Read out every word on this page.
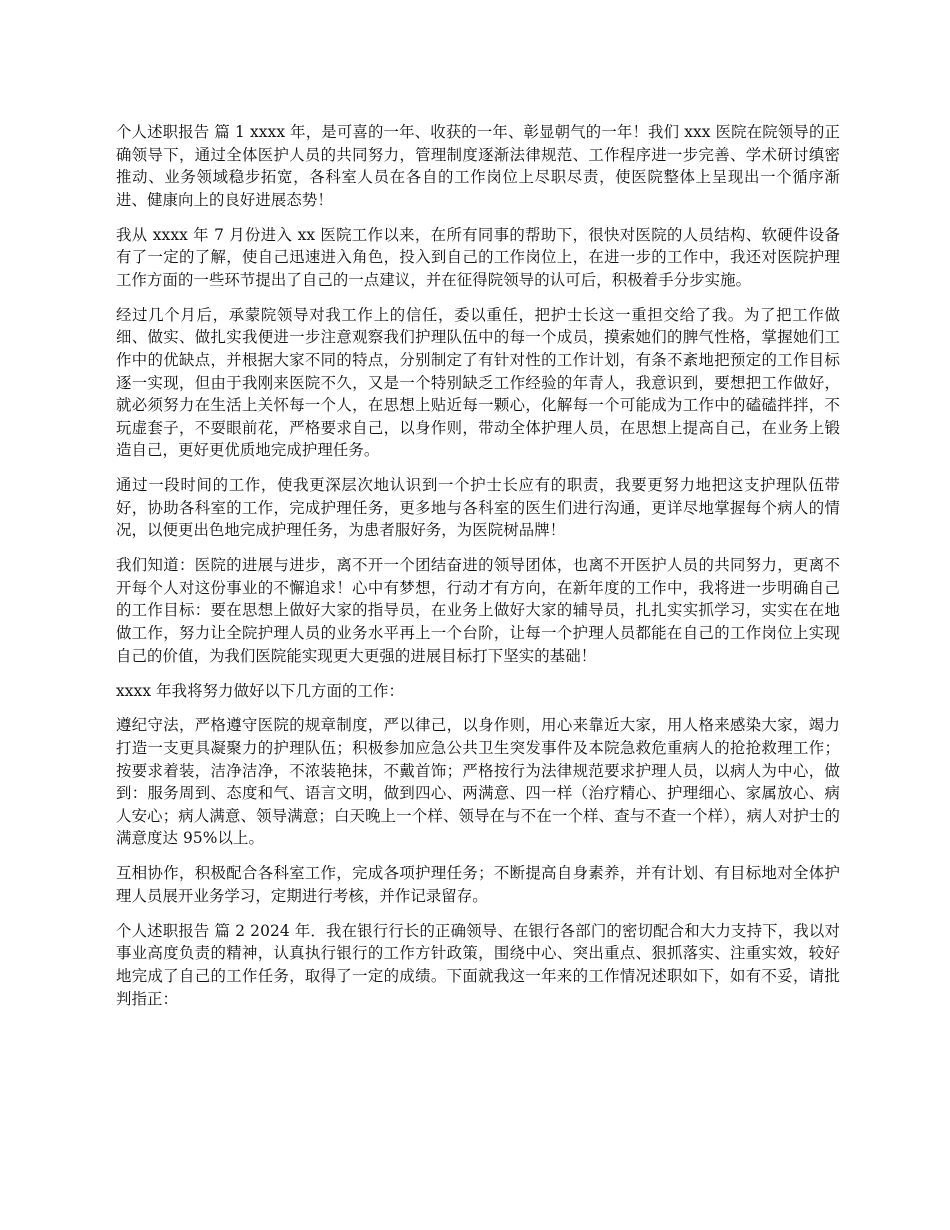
个人述职报告 篇 1 xxxx 年，是可喜的一年、收获的一年、彰显朝气的一年！我们 xxx 医院在院领导的正确领导下，通过全体医护人员的共同努力，管理制度逐渐法律规范、工作程序进一步完善、学术研讨缜密推动、业务领域稳步拓宽，各科室人员在各自的工作岗位上尽职尽责，使医院整体上呈现出一个循序渐进、健康向上的良好进展态势！

我从 xxxx 年 7 月份进入 xx 医院工作以来，在所有同事的帮助下，很快对医院的人员结构、软硬件设备有了一定的了解，使自己迅速进入角色，投入到自己的工作岗位上，在进一步的工作中，我还对医院护理工作方面的一些环节提出了自己的一点建议，并在征得院领导的认可后，积极着手分步实施。

经过几个月后，承蒙院领导对我工作上的信任，委以重任，把护士长这一重担交给了我。为了把工作做细、做实、做扎实我便进一步注意观察我们护理队伍中的每一个成员，摸索她们的脾气性格，掌握她们工作中的优缺点，并根据大家不同的特点，分别制定了有针对性的工作计划，有条不紊地把预定的工作目标逐一实现，但由于我刚来医院不久，又是一个特别缺乏工作经验的年青人，我意识到，要想把工作做好，就必须努力在生活上关怀每一个人，在思想上贴近每一颗心，化解每一个可能成为工作中的磕磕拌拌，不玩虚套子，不耍眼前花，严格要求自己，以身作则，带动全体护理人员，在思想上提高自己，在业务上锻造自己，更好更优质地完成护理任务。

通过一段时间的工作，使我更深层次地认识到一个护士长应有的职责，我要更努力地把这支护理队伍带好，协助各科室的工作，完成护理任务，更多地与各科室的医生们进行沟通，更详尽地掌握每个病人的情况，以便更出色地完成护理任务，为患者服好务，为医院树品牌！

我们知道：医院的进展与进步，离不开一个团结奋进的领导团体，也离不开医护人员的共同努力，更离不开每个人对这份事业的不懈追求！心中有梦想，行动才有方向，在新年度的工作中，我将进一步明确自己的工作目标：要在思想上做好大家的指导员，在业务上做好大家的辅导员，扎扎实实抓学习，实实在在地做工作，努力让全院护理人员的业务水平再上一个台阶，让每一个护理人员都能在自己的工作岗位上实现自己的价值，为我们医院能实现更大更强的进展目标打下坚实的基础！

xxxx 年我将努力做好以下几方面的工作：

遵纪守法，严格遵守医院的规章制度，严以律己，以身作则，用心来靠近大家，用人格来感染大家，竭力打造一支更具凝聚力的护理队伍；积极参加应急公共卫生突发事件及本院急救危重病人的抢抢救理工作；按要求着装，洁净洁净，不浓装艳抹，不戴首饰；严格按行为法律规范要求护理人员，以病人为中心，做到：服务周到、态度和气、语言文明，做到四心、两满意、四一样（治疗精心、护理细心、家属放心、病人安心；病人满意、领导满意；白天晚上一个样、领导在与不在一个样、查与不查一个样），病人对护士的满意度达 95%以上。

互相协作，积极配合各科室工作，完成各项护理任务；不断提高自身素养，并有计划、有目标地对全体护理人员展开业务学习，定期进行考核，并作记录留存。

个人述职报告 篇 2 2024 年．我在银行行长的正确领导、在银行各部门的密切配合和大力支持下，我以对事业高度负责的精神，认真执行银行的工作方针政策，围绕中心、突出重点、狠抓落实、注重实效，较好地完成了自己的工作任务，取得了一定的成绩。下面就我这一年来的工作情况述职如下，如有不妥，请批判指正：
